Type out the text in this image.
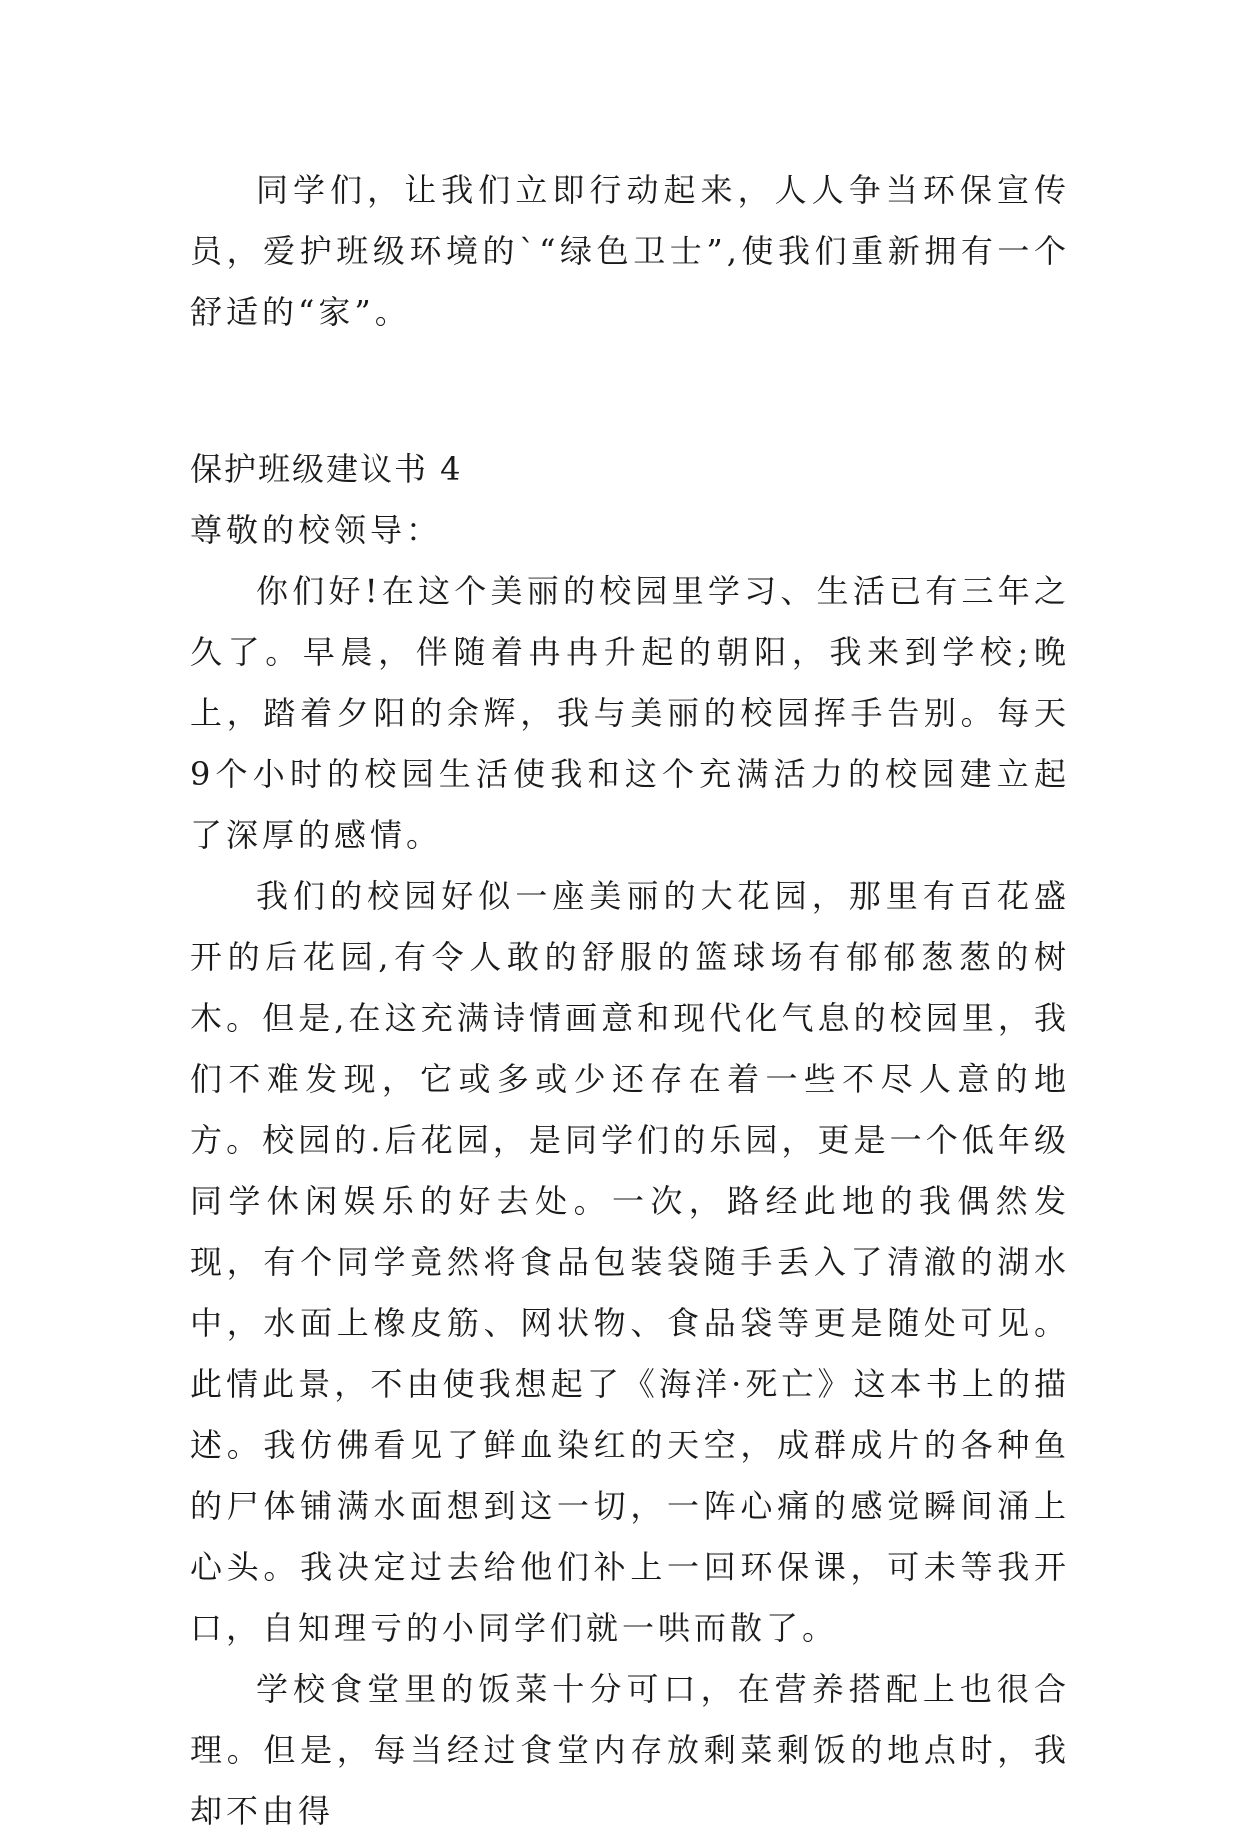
同学们，让我们立即行动起来，人人争当环保宣传员，爱护班级环境的`“绿色卫士”,使我们重新拥有一个舒适的“家”。

保护班级建议书 4

尊敬的校领导：

你们好!在这个美丽的校园里学习、生活已有三年之久了。早晨，伴随着冉冉升起的朝阳，我来到学校;晚上，踏着夕阳的余辉，我与美丽的校园挥手告别。每天9个小时的校园生活使我和这个充满活力的校园建立起了深厚的感情。

我们的校园好似一座美丽的大花园，那里有百花盛开的后花园,有令人敢的舒服的篮球场有郁郁葱葱的树木。但是,在这充满诗情画意和现代化气息的校园里，我们不难发现，它或多或少还存在着一些不尽人意的地方。校园的.后花园，是同学们的乐园，更是一个低年级同学休闲娱乐的好去处。一次，路经此地的我偶然发现，有个同学竟然将食品包装袋随手丢入了清澈的湖水中，水面上橡皮筋、网状物、食品袋等更是随处可见。此情此景，不由使我想起了《海洋·死亡》这本书上的描述。我仿佛看见了鲜血染红的天空，成群成片的各种鱼的尸体铺满水面想到这一切，一阵心痛的感觉瞬间涌上心头。我决定过去给他们补上一回环保课，可未等我开口，自知理亏的小同学们就一哄而散了。

学校食堂里的饭菜十分可口，在营养搭配上也很合理。但是，每当经过食堂内存放剩菜剩饭的地点时，我却不由得
